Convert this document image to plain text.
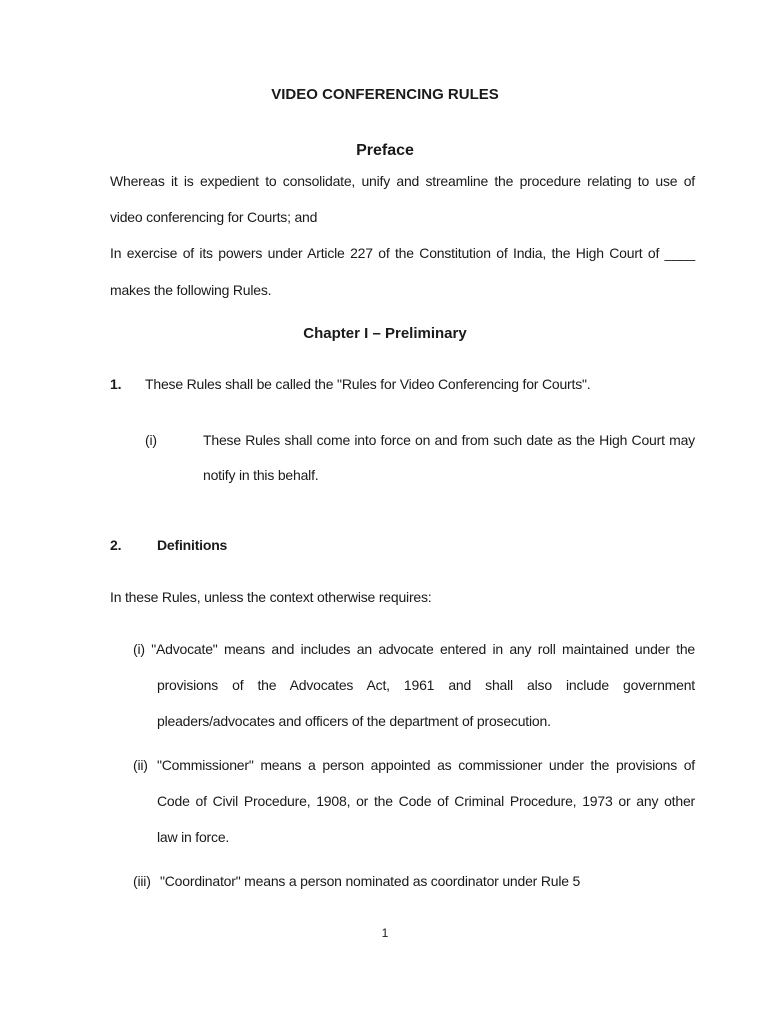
VIDEO CONFERENCING RULES
Preface
Whereas it is expedient to consolidate, unify and streamline the procedure relating to use of
video conferencing for Courts; and
In exercise of its powers under Article 227 of the Constitution of India, the High Court of ____
makes the following Rules.
Chapter I – Preliminary
1. These Rules shall be called the "Rules for Video Conferencing for Courts".
(i)	These Rules shall come into force on and from such date as the High Court may
notify in this behalf.
2.	Definitions
In these Rules, unless the context otherwise requires:
(i) "Advocate" means and includes an advocate entered in any roll maintained under the
provisions of the Advocates Act, 1961 and shall also include government
pleaders/advocates and officers of the department of prosecution.
(ii) "Commissioner" means a person appointed as commissioner under the provisions of
Code of Civil Procedure, 1908, or the Code of Criminal Procedure, 1973 or any other
law in force.
(iii) "Coordinator" means a person nominated as coordinator under Rule 5
1
